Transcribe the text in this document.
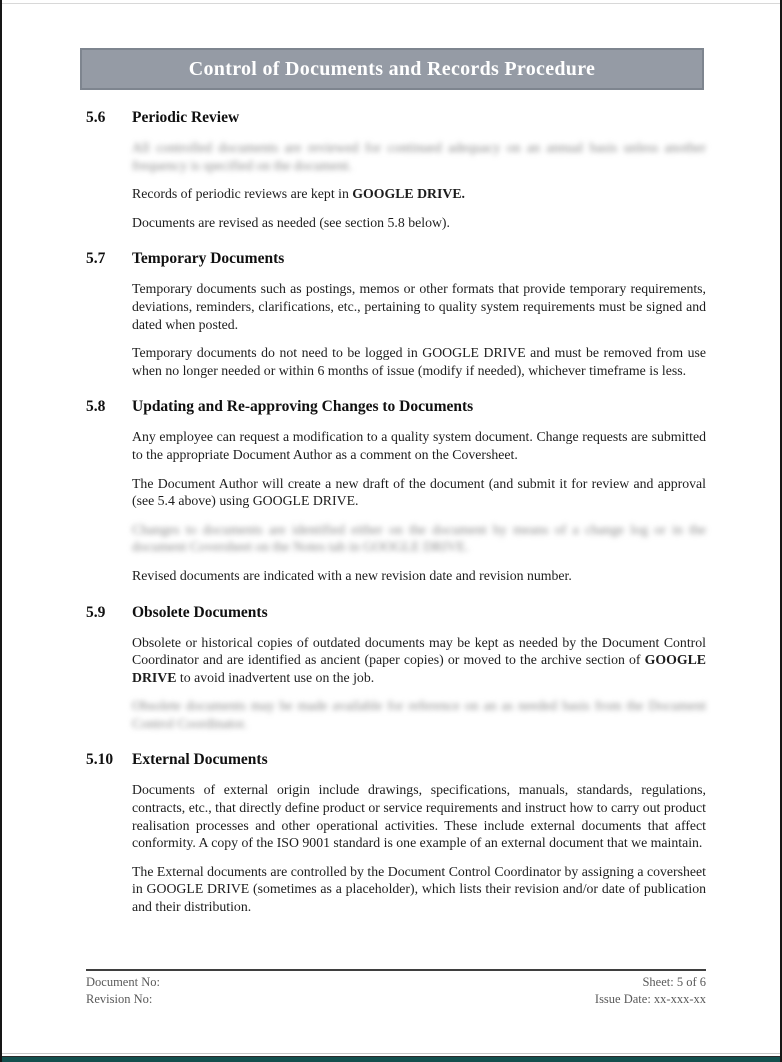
Control of Documents and Records Procedure
5.6	Periodic Review

All controlled documents are reviewed for continued adequacy on an annual basis unless another frequency is specified on the document.

Records of periodic reviews are kept in GOOGLE DRIVE.

Documents are revised as needed (see section 5.8 below).

5.7	Temporary Documents

Temporary documents such as postings, memos or other formats that provide temporary requirements, deviations, reminders, clarifications, etc., pertaining to quality system requirements must be signed and dated when posted.

Temporary documents do not need to be logged in GOOGLE DRIVE and must be removed from use when no longer needed or within 6 months of issue (modify if needed), whichever timeframe is less.

5.8	Updating and Re-approving Changes to Documents

Any employee can request a modification to a quality system document. Change requests are submitted to the appropriate Document Author as a comment on the Coversheet.

The Document Author will create a new draft of the document (and submit it for review and approval (see 5.4 above) using GOOGLE DRIVE.

Changes to documents are identified either on the document by means of a change log or in the document Coversheet on the Notes tab in GOOGLE DRIVE.

Revised documents are indicated with a new revision date and revision number.

5.9	Obsolete Documents

Obsolete or historical copies of outdated documents may be kept as needed by the Document Control Coordinator and are identified as ancient (paper copies) or moved to the archive section of GOOGLE DRIVE to avoid inadvertent use on the job.

Obsolete documents may be made available for reference on an as needed basis from the Document Control Coordinator.

5.10	External Documents

Documents of external origin include drawings, specifications, manuals, standards, regulations, contracts, etc., that directly define product or service requirements and instruct how to carry out product realisation processes and other operational activities. These include external documents that affect conformity. A copy of the ISO 9001 standard is one example of an external document that we maintain.

The External documents are controlled by the Document Control Coordinator by assigning a coversheet in GOOGLE DRIVE (sometimes as a placeholder), which lists their revision and/or date of publication and their distribution.

Document No:	Sheet: 5 of 6
Revision No:	Issue Date: xx-xxx-xx
